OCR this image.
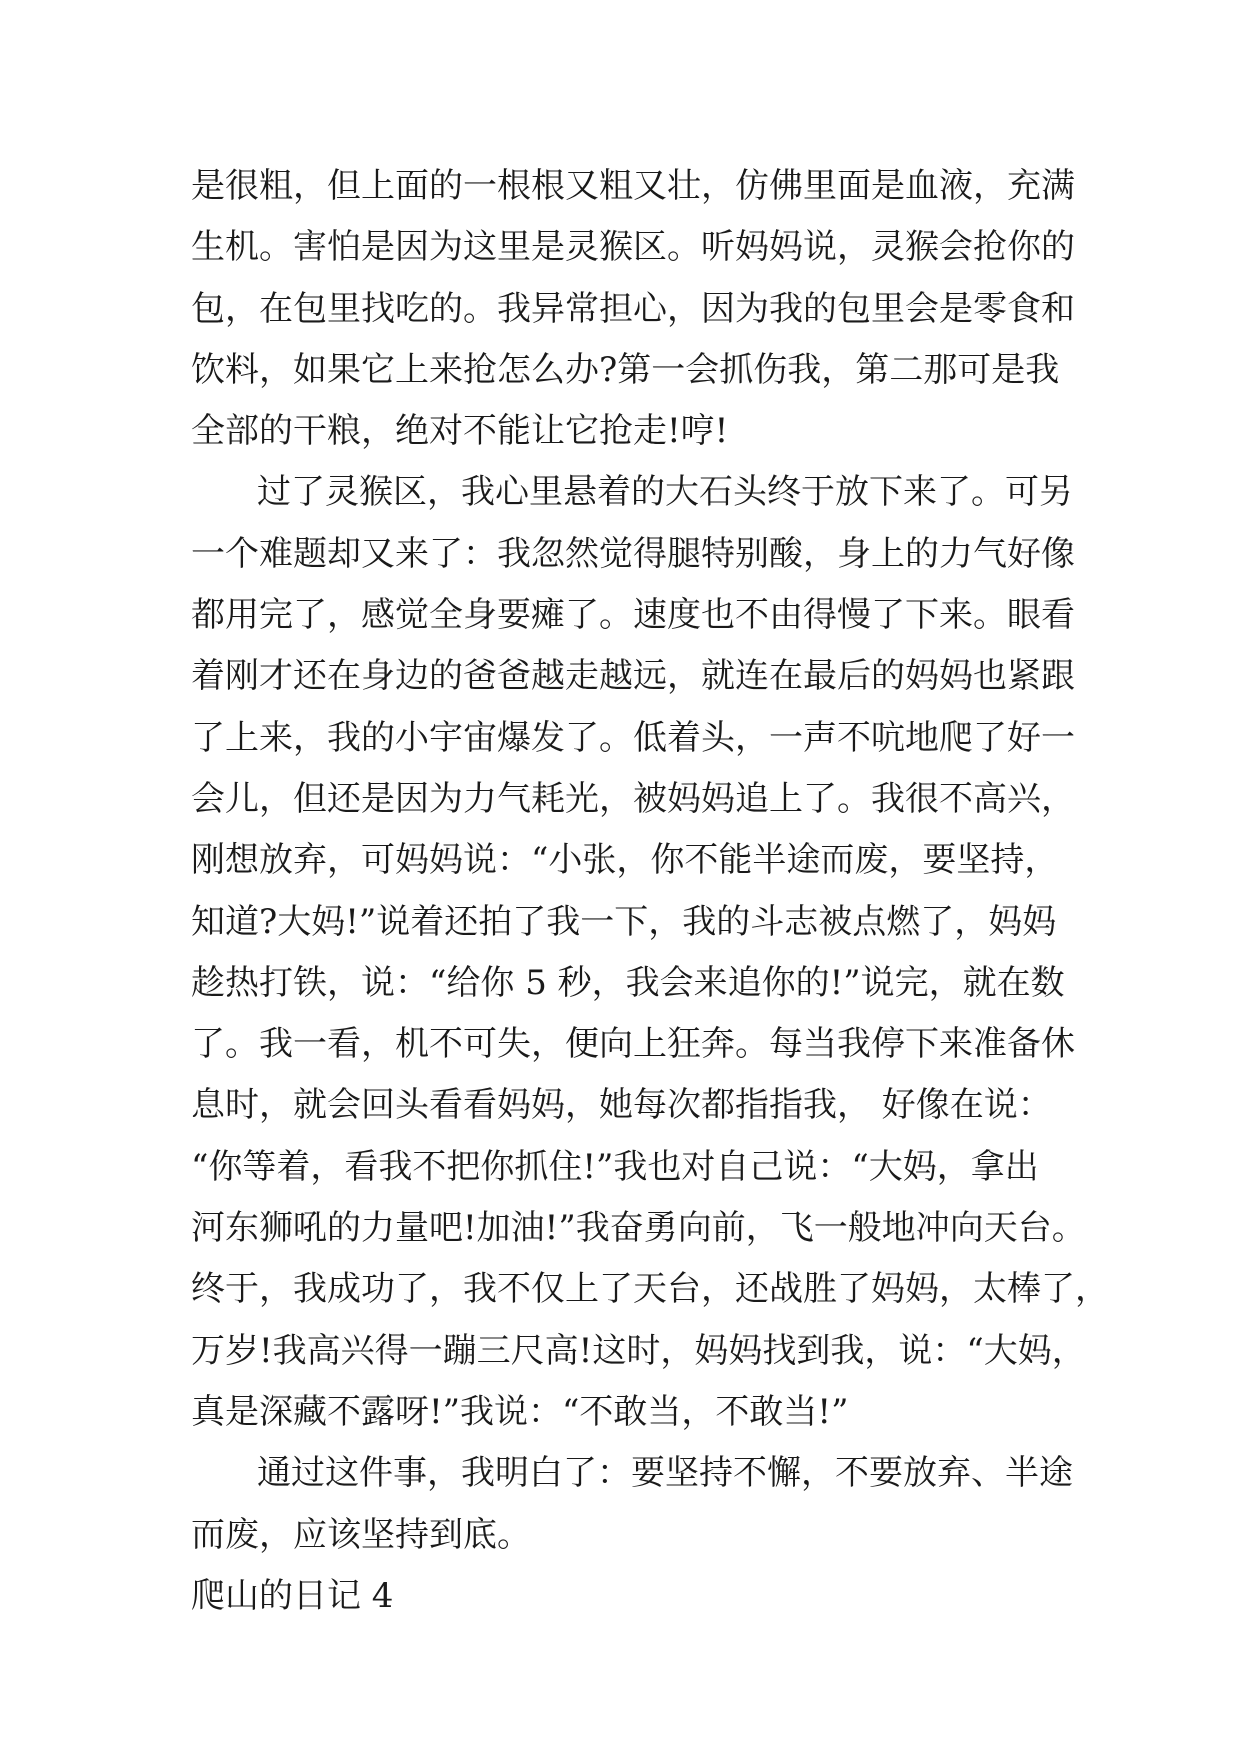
是很粗，但上面的一根根又粗又壮，仿佛里面是血液，充满
生机。害怕是因为这里是灵猴区。听妈妈说，灵猴会抢你的
包，在包里找吃的。我异常担心，因为我的包里会是零食和
饮料，如果它上来抢怎么办?第一会抓伤我，第二那可是我
全部的干粮，绝对不能让它抢走!哼!
过了灵猴区，我心里悬着的大石头终于放下来了。可另
一个难题却又来了：我忽然觉得腿特别酸，身上的力气好像
都用完了，感觉全身要瘫了。速度也不由得慢了下来。眼看
着刚才还在身边的爸爸越走越远，就连在最后的妈妈也紧跟
了上来，我的小宇宙爆发了。低着头，一声不吭地爬了好一
会儿，但还是因为力气耗光，被妈妈追上了。我很不高兴，
刚想放弃，可妈妈说：“小张，你不能半途而废，要坚持，
知道?大妈!”说着还拍了我一下，我的斗志被点燃了，妈妈
趁热打铁，说：“给你 5 秒，我会来追你的!”说完，就在数
了。我一看，机不可失，便向上狂奔。每当我停下来准备休
息时，就会回头看看妈妈，她每次都指指我， 好像在说：
“你等着，看我不把你抓住!”我也对自己说：“大妈，拿出
河东狮吼的力量吧!加油!”我奋勇向前，飞一般地冲向天台。
终于，我成功了，我不仅上了天台，还战胜了妈妈，太棒了，
万岁!我高兴得一蹦三尺高!这时，妈妈找到我，说：“大妈，
真是深藏不露呀!”我说：“不敢当，不敢当!”
通过这件事，我明白了：要坚持不懈，不要放弃、半途
而废，应该坚持到底。
爬山的日记 4
